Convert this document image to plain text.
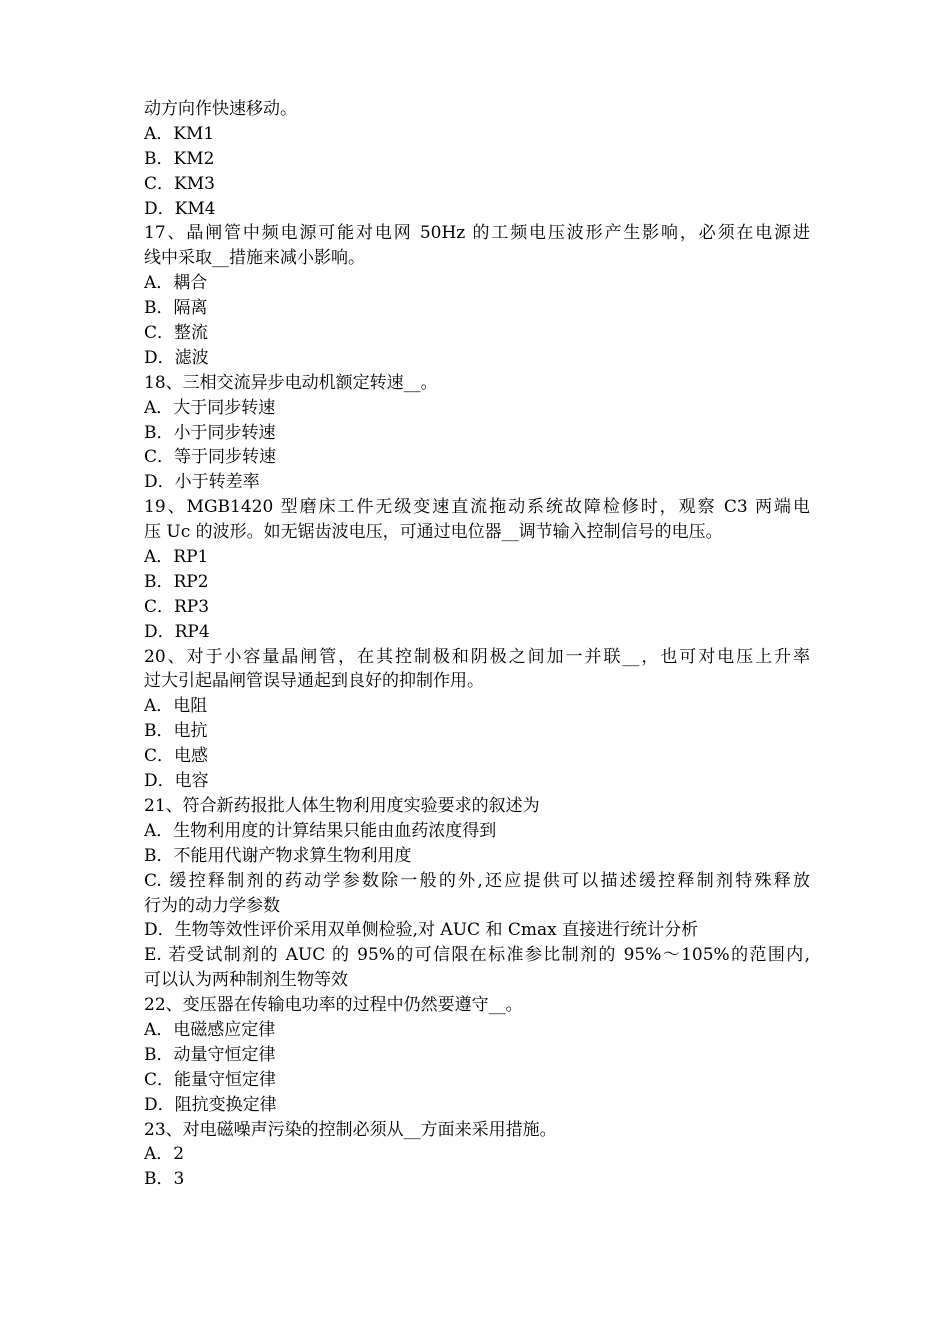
动方向作快速移动。
A．KM1
B．KM2
C．KM3
D．KM4
17、晶闸管中频电源可能对电网 50Hz 的工频电压波形产生影响，必须在电源进
线中采取__措施来减小影响。
A．耦合
B．隔离
C．整流
D．滤波
18、三相交流异步电动机额定转速__。
A．大于同步转速
B．小于同步转速
C．等于同步转速
D．小于转差率
19、MGB1420 型磨床工件无级变速直流拖动系统故障检修时，观察 C3 两端电
压 Uc 的波形。如无锯齿波电压，可通过电位器__调节输入控制信号的电压。
A．RP1
B．RP2
C．RP3
D．RP4
20、对于小容量晶闸管，在其控制极和阴极之间加一并联__，也可对电压上升率
过大引起晶闸管误导通起到良好的抑制作用。
A．电阻
B．电抗
C．电感
D．电容
21、符合新药报批人体生物利用度实验要求的叙述为
A．生物利用度的计算结果只能由血药浓度得到
B．不能用代谢产物求算生物利用度
C. 缓控释制剂的药动学参数除一般的外,还应提供可以描述缓控释制剂特殊释放
行为的动力学参数
D．生物等效性评价采用双单侧检验,对 AUC 和 Cmax 直接进行统计分析
E. 若受试制剂的 AUC 的 95%的可信限在标准参比制剂的 95%～105%的范围内,
可以认为两种制剂生物等效
22、变压器在传输电功率的过程中仍然要遵守__。
A．电磁感应定律
B．动量守恒定律
C．能量守恒定律
D．阻抗变换定律
23、对电磁噪声污染的控制必须从__方面来采用措施。
A．2
B．3
